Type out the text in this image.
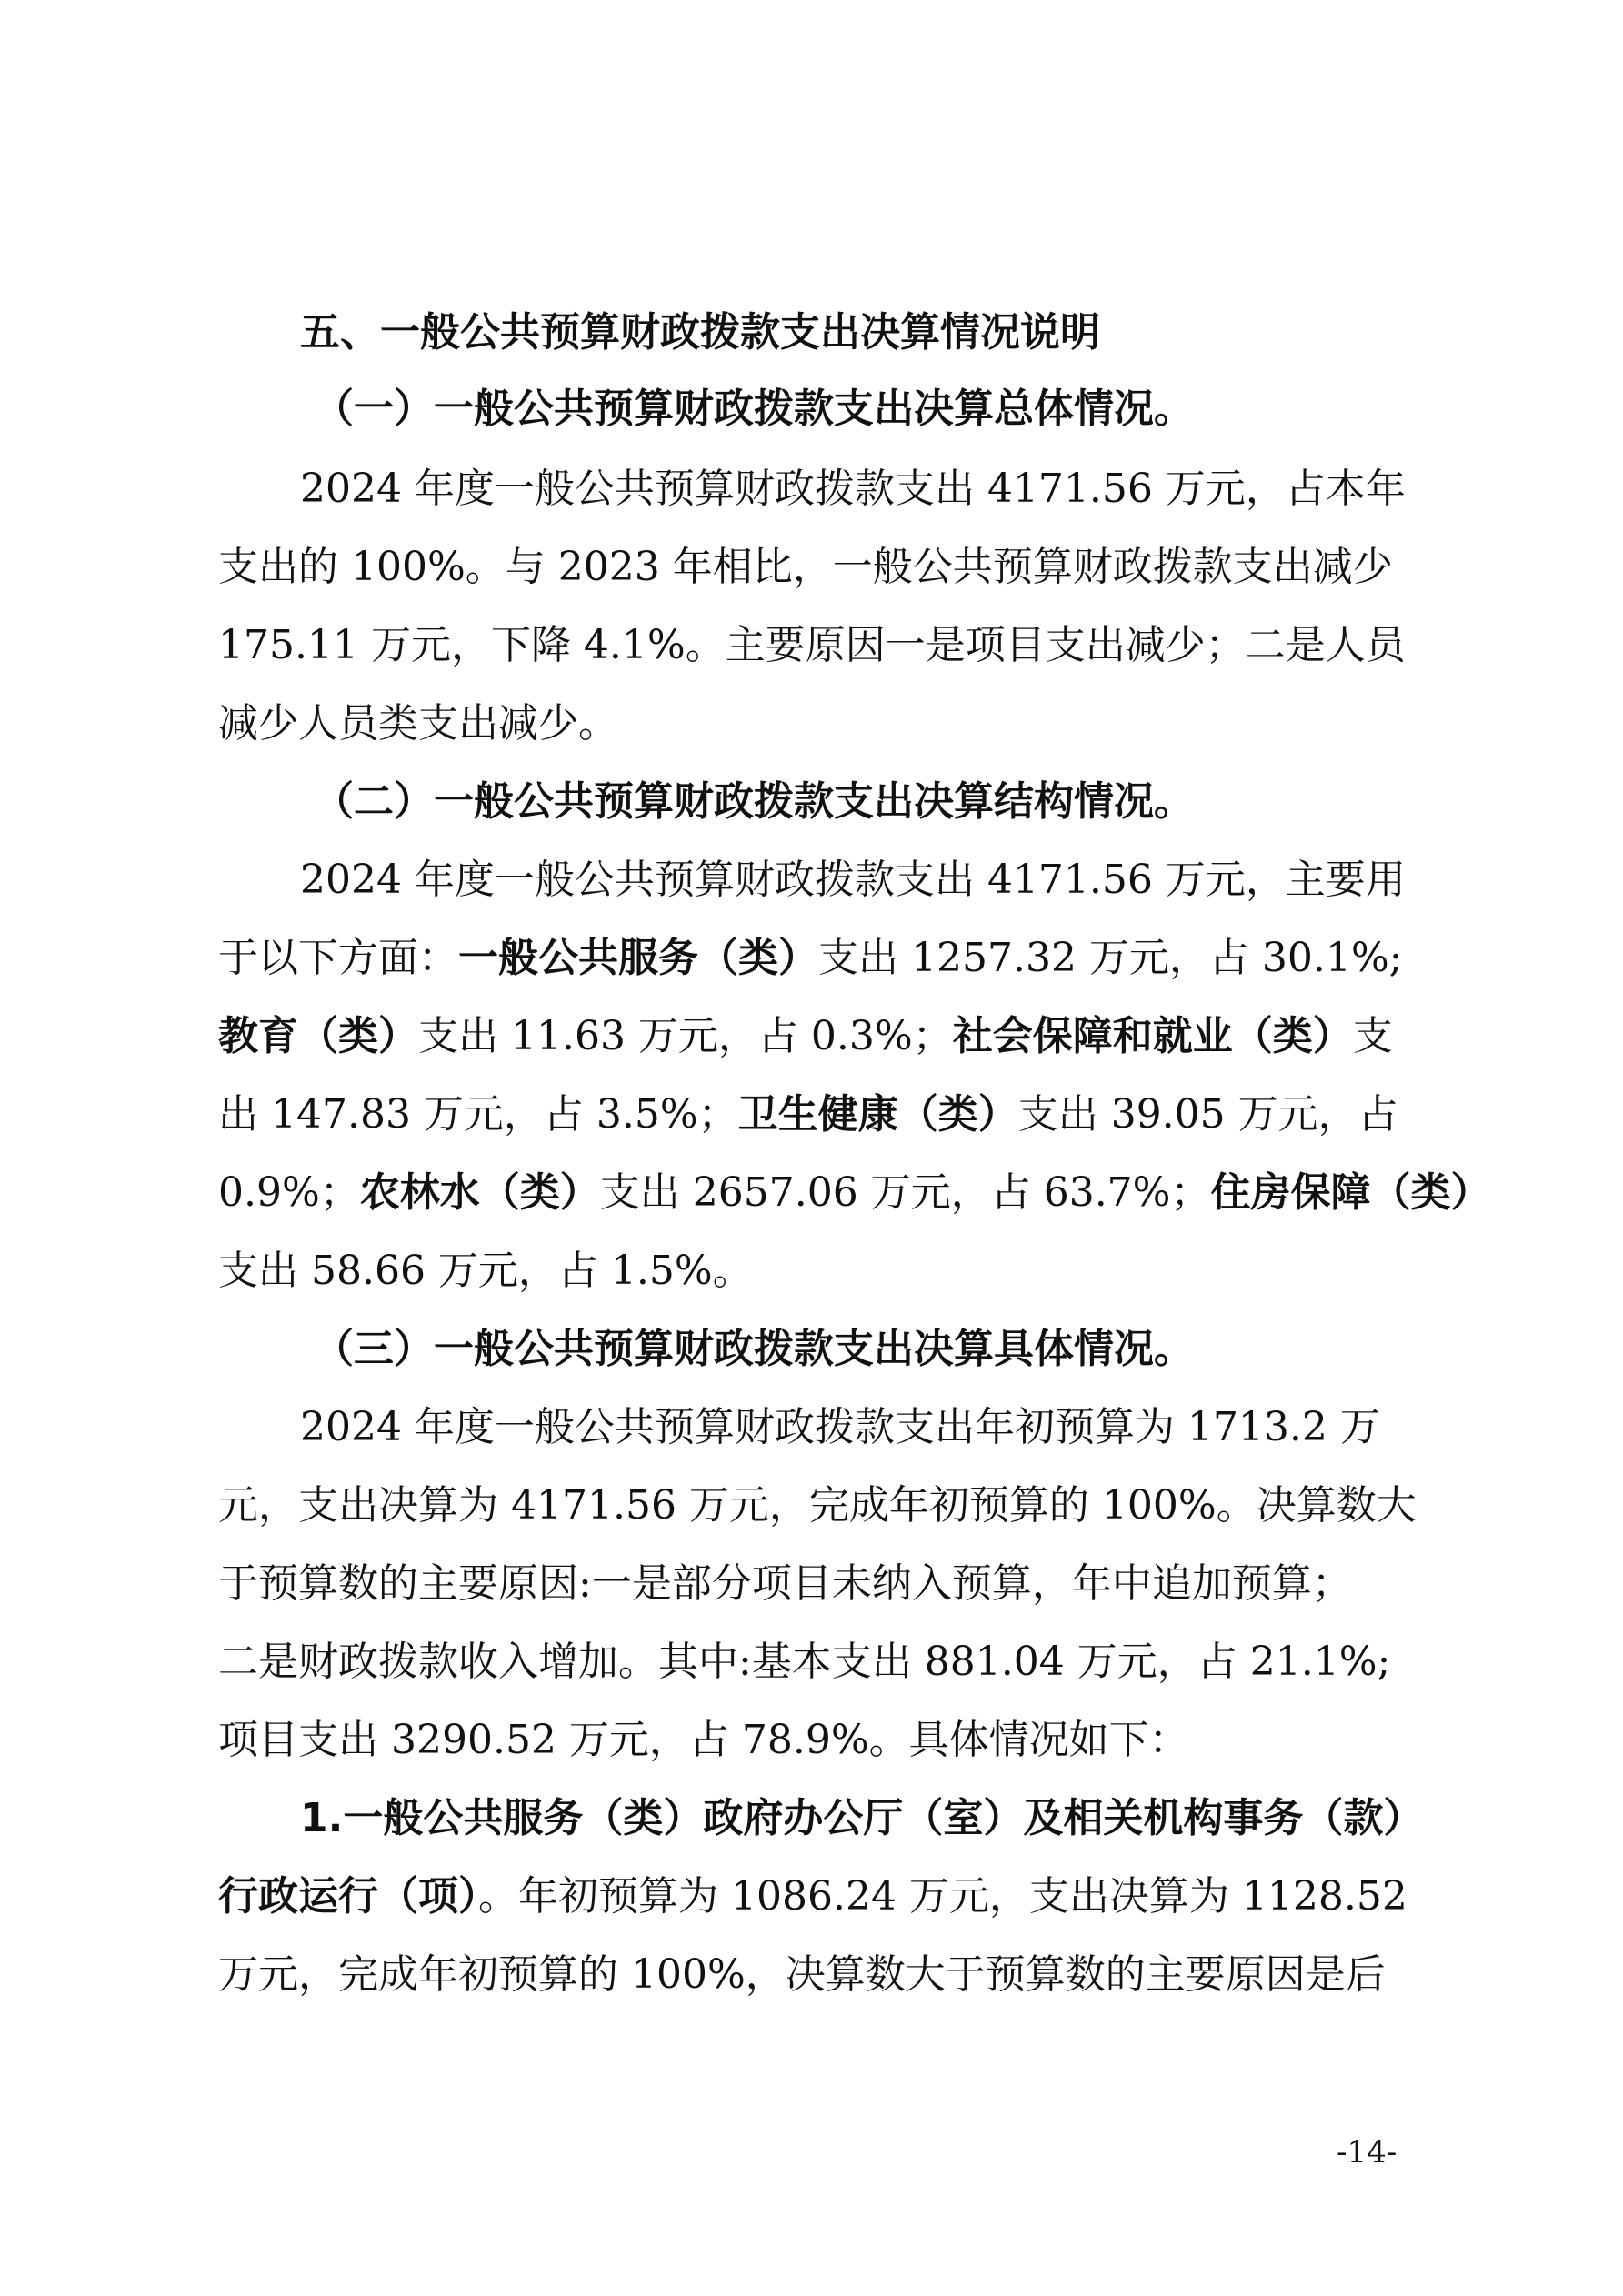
五、一般公共预算财政拨款支出决算情况说明
（一）一般公共预算财政拨款支出决算总体情况。
2024 年度一般公共预算财政拨款支出 4171.56 万元，占本年
支出的 100%。与 2023 年相比，一般公共预算财政拨款支出减少
175.11 万元，下降 4.1%。主要原因一是项目支出减少；二是人员
减少人员类支出减少。
（二）一般公共预算财政拨款支出决算结构情况。
2024 年度一般公共预算财政拨款支出 4171.56 万元，主要用
于以下方面：一般公共服务（类）支出 1257.32 万元，占 30.1%;
教育（类）支出 11.63 万元，占 0.3%；社会保障和就业（类）支
出 147.83 万元，占 3.5%；卫生健康（类）支出 39.05 万元，占
0.9%；农林水（类）支出 2657.06 万元，占 63.7%；住房保障（类）
支出 58.66 万元，占 1.5%。
（三）一般公共预算财政拨款支出决算具体情况。
2024 年度一般公共预算财政拨款支出年初预算为 1713.2 万
元，支出决算为 4171.56 万元，完成年初预算的 100%。决算数大
于预算数的主要原因:一是部分项目未纳入预算，年中追加预算；
二是财政拨款收入增加。其中:基本支出 881.04 万元，占 21.1%;
项目支出 3290.52 万元，占 78.9%。具体情况如下：
1.一般公共服务（类）政府办公厅（室）及相关机构事务（款）
行政运行（项）。年初预算为 1086.24 万元，支出决算为 1128.52
万元，完成年初预算的 100%，决算数大于预算数的主要原因是后
-14-
